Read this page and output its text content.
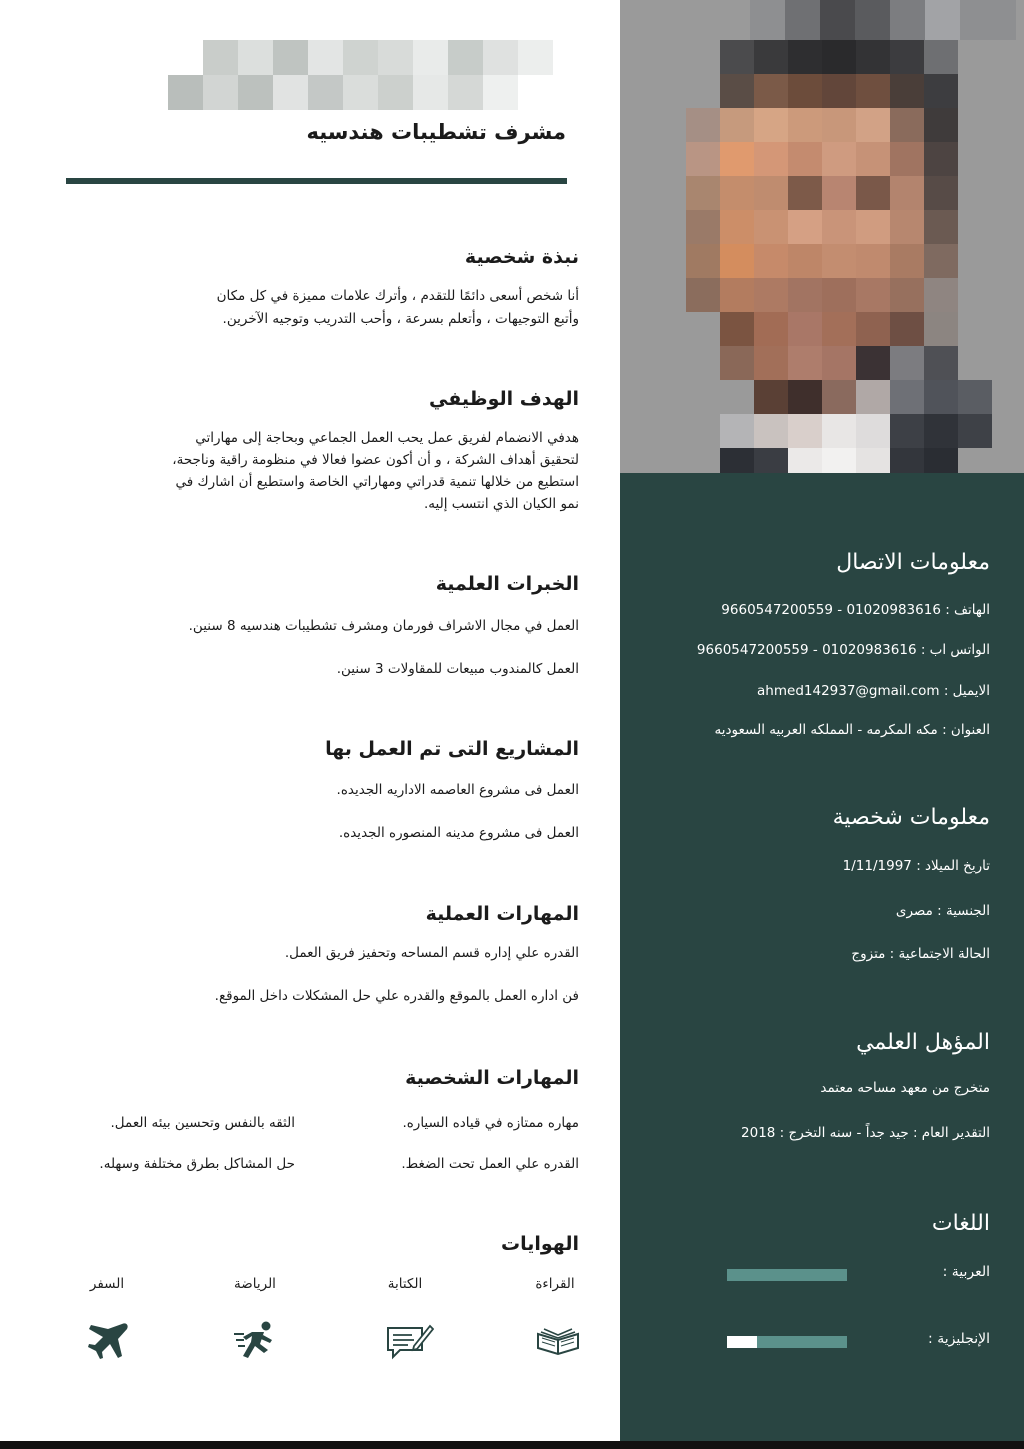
مشرف تشطيبات هندسيه
نبذة شخصية

أنا شخص أسعى دائمًا للتقدم ، وأترك علامات مميزة في كل مكان

وأتبع التوجيهات ، وأتعلم بسرعة ، وأحب التدريب وتوجيه الآخرين.

الهدف الوظيفي

هدفي الانضمام لفريق عمل يحب العمل الجماعي وبحاجة إلى مهاراتي

لتحقيق أهداف الشركة ، و أن أكون عضوا فعالا في منظومة راقية وناجحة،

استطيع من خلالها تنمية قدراتي ومهاراتي الخاصة واستطيع أن اشارك في

نمو الكيان الذي انتسب إليه.

الخبرات العلمية

العمل في مجال الاشراف فورمان ومشرف تشطيبات هندسيه 8 سنين.

العمل كالمندوب مبيعات للمقاولات 3 سنين.

المشاريع التى تم العمل بها

العمل فى مشروع العاصمه الاداريه الجديده.

العمل فى مشروع مدينه المنصوره الجديده.

المهارات العملية

القدره علي إداره قسم المساحه وتحفيز فريق العمل.

فن اداره العمل بالموقع والقدره علي حل المشكلات داخل الموقع.

المهارات الشخصية

مهاره ممتازه في قياده السياره.

الثقه بالنفس وتحسين بيئه العمل.

القدره علي العمل تحت الضغط.

حل المشاكل بطرق مختلفة وسهله.

الهوايات

القراءة

الكتابة

الرياضة

السفر

معلومات الاتصال

الهاتف : 01020983616 - 9660547200559

الواتس اب : 01020983616 - 9660547200559

الايميل : ahmed142937@gmail.com

العنوان : مكه المكرمه - المملكه العربيه السعوديه

معلومات شخصية

تاريخ الميلاد : 1/11/1997

الجنسية : مصرى

الحالة الاجتماعية : متزوج

المؤهل العلمي

متخرج من معهد مساحه معتمد

التقدير العام : جيد جداً - سنه التخرج : 2018

اللغات
العربية :
الإنجليزية :
